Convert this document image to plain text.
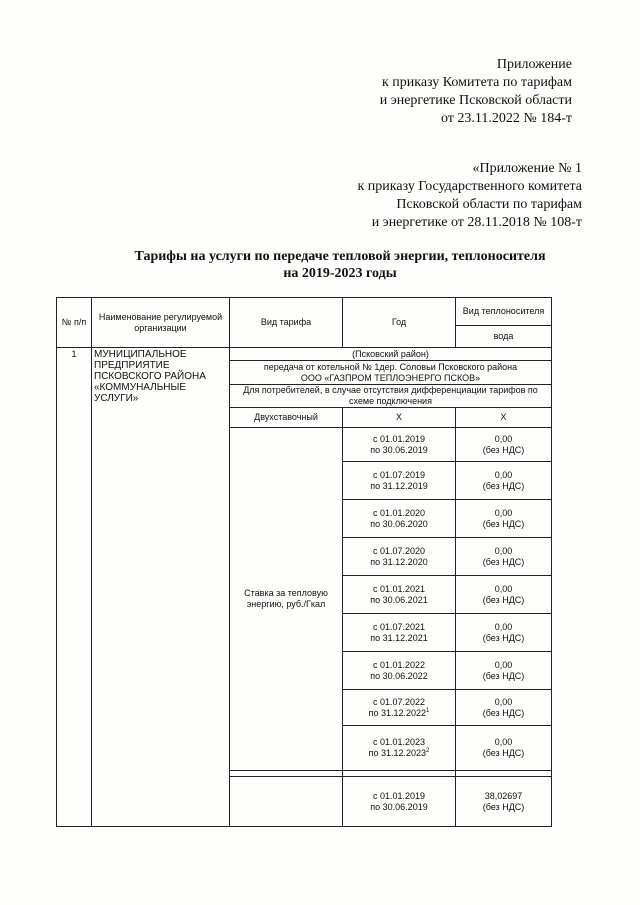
Приложение
к приказу Комитета по тарифам
и энергетике Псковской области
от 23.11.2022 № 184-т
«Приложение № 1
к приказу Государственного комитета
Псковской области по тарифам
и энергетике от 28.11.2018 № 108-т
Тарифы на услуги по передаче тепловой энергии, теплоносителя
на 2019-2023 годы
№ п/п	Наименование регулируемой организации	Вид тарифа	Год	Вид теплоносителя
				вода
1	МУНИЦИПАЛЬНОЕ ПРЕДПРИЯТИЕ ПСКОВСКОГО РАЙОНА «КОММУНАЛЬНЫЕ УСЛУГИ»	(Псковский район)		

		передача от котельной № 1дер. Соловьи Псковского района
ООО «ГАЗПРОМ ТЕПЛОЭНЕРГО ПСКОВ»		

		Для потребителей, в случае отсутствия дифференциации тарифов по схеме подключения		
		Двухставочный	Х	Х
		Ставка за тепловую энергию, руб./Гкал	с 01.01.2019
по 30.06.2019	0,00
(без НДС)

			с 01.07.2019
по 31.12.2019	0,00
(без НДС)

			с 01.01.2020
по 30.06.2020	0,00
(без НДС)

			с 01.07.2020
по 31.12.2020	0,00
(без НДС)

			с 01.01.2021
по 30.06.2021	0,00
(без НДС)

			с 01.07.2021
по 31.12.2021	0,00
(без НДС)

			с 01.01.2022
по 30.06.2022	0,00
(без НДС)

			с 01.07.2022
по 31.12.2022$^1$	0,00
(без НДС)

			с 01.01.2023
по 31.12.2023$^2$	0,00
(без НДС)

			с 01.01.2019
по 30.06.2019	38,02697
(без НДС)
